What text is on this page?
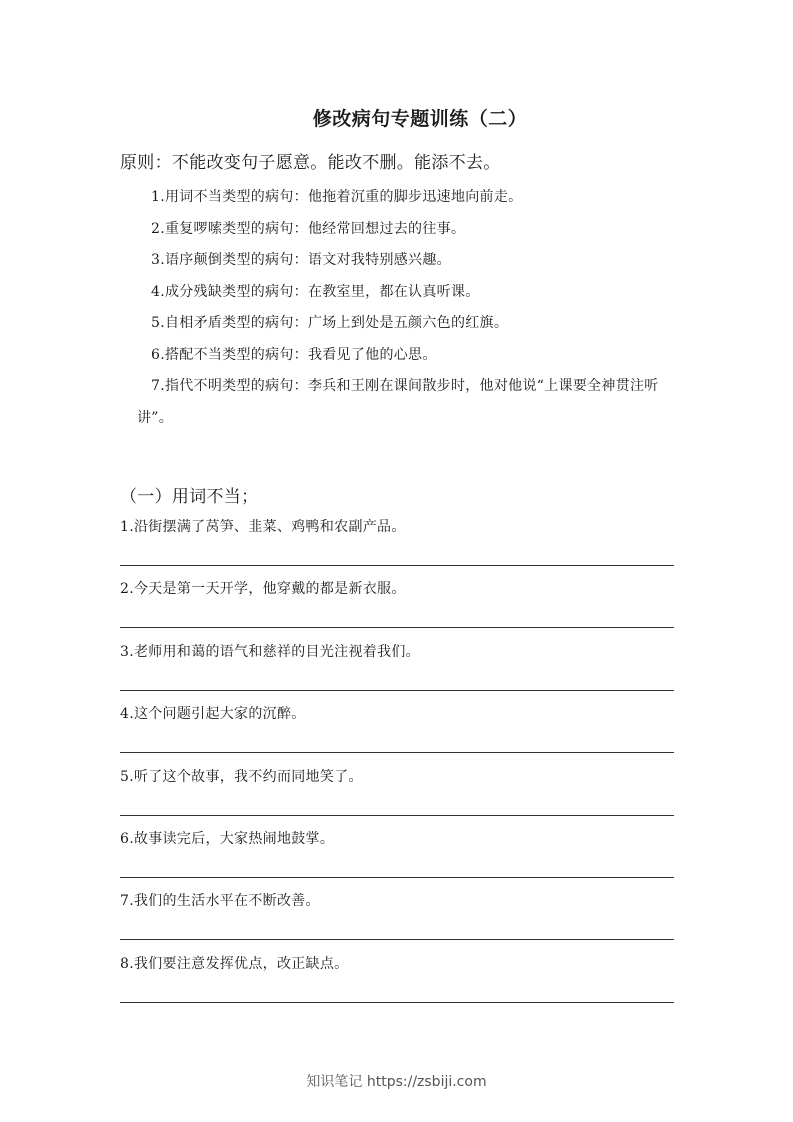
修改病句专题训练（二）
原则：不能改变句子愿意。能改不删。能添不去。
1.用词不当类型的病句：他拖着沉重的脚步迅速地向前走。
2.重复啰嗦类型的病句：他经常回想过去的往事。
3.语序颠倒类型的病句：语文对我特别感兴趣。
4.成分残缺类型的病句：在教室里，都在认真听课。
5.自相矛盾类型的病句：广场上到处是五颜六色的红旗。
6.搭配不当类型的病句：我看见了他的心思。
7.指代不明类型的病句：李兵和王刚在课间散步时，他对他说“上课要全神贯注听讲”。
（一）用词不当；
1.沿街摆满了莴笋、韭菜、鸡鸭和农副产品。
2.今天是第一天开学，他穿戴的都是新衣服。
3.老师用和蔼的语气和慈祥的目光注视着我们。
4.这个问题引起大家的沉醉。
5.听了这个故事，我不约而同地笑了。
6.故事读完后，大家热闹地鼓掌。
7.我们的生活水平在不断改善。
8.我们要注意发挥优点，改正缺点。
知识笔记 https://zsbiji.com
